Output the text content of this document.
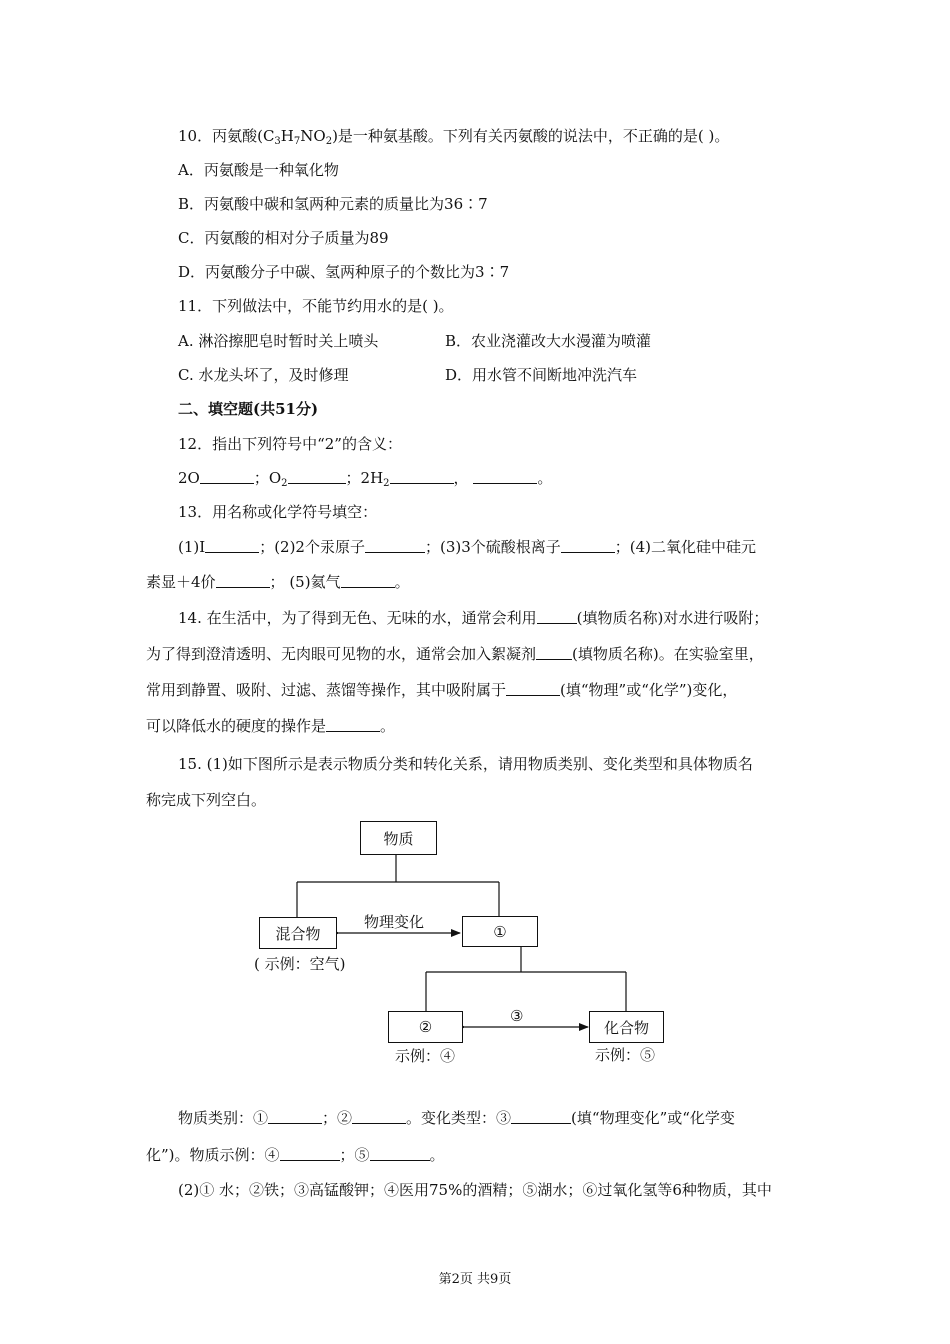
10．丙氨酸$(C_3H_7NO_2)$是一种氨基酸。下列有关丙氨酸的说法中，不正确的是( )。
A．丙氨酸是一种氧化物
B．丙氨酸中碳和氢两种元素的质量比为36∶7
C．丙氨酸的相对分子质量为89
D．丙氨酸分子中碳、氢两种原子的个数比为3∶7
11．下列做法中，不能节约用水的是( )。
A. 淋浴擦肥皂时暂时关上喷头	B．农业浇灌改大水漫灌为喷灌
C. 水龙头坏了，及时修理	D．用水管不间断地冲洗汽车
二、填空题(共51分)
12．指出下列符号中“2”的含义：
2O	；$O_2$	；$2H_2$	，	。
13．用名称或化学符号填空：
(1)I	；(2)2个汞原子	；(3)3个硫酸根离子	；(4)二氧化硅中硅元
素显＋4价	； (5)氦气	。
14. 在生活中，为了得到无色、无味的水，通常会利用	(填物质名称)对水进行吸附；
为了得到澄清透明、无肉眼可见物的水，通常会加入絮凝剂 (填物质名称)。在实验室里，
常用到静置、吸附、过滤、蒸馏等操作，其中吸附属于	(填“物理”或“化学”)变化，
可以降低水的硬度的操作是	。
15. (1)如下图所示是表示物质分类和转化关系，请用物质类别、变化类型和具体物质名
称完成下列空白。
物质
混合物
( 示例：空气)
物理变化
①
②
③
化合物
示例：④	示例：⑤
物质类别：①	；②	。变化类型：③	(填“物理变化”或“化学变
化”)。物质示例：④	；⑤	。
(2)① 水；②铁；③高锰酸钾；④医用75%的酒精；⑤湖水；⑥过氧化氢等6种物质，其中
第2页 共9页
